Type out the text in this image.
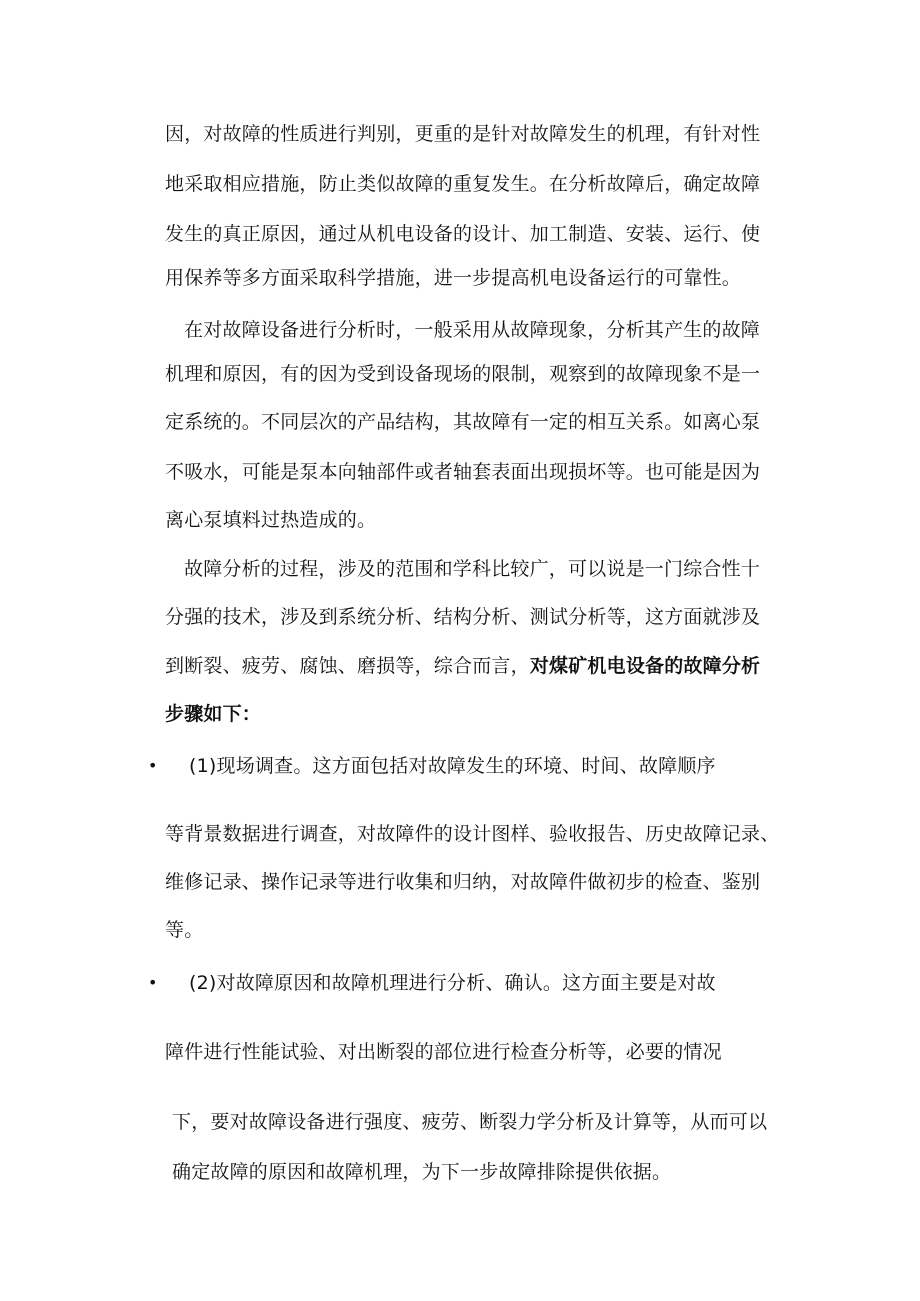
因，对故障的性质进行判别，更重的是针对故障发生的机理，有针对性
地采取相应措施，防止类似故障的重复发生。在分析故障后，确定故障
发生的真正原因，通过从机电设备的设计、加工制造、安装、运行、使
用保养等多方面采取科学措施，进一步提高机电设备运行的可靠性。
在对故障设备进行分析时，一般采用从故障现象，分析其产生的故障
机理和原因，有的因为受到设备现场的限制，观察到的故障现象不是一
定系统的。不同层次的产品结构，其故障有一定的相互关系。如离心泵
不吸水，可能是泵本向轴部件或者轴套表面出现损坏等。也可能是因为
离心泵填料过热造成的。
故障分析的过程，涉及的范围和学科比较广，可以说是一门综合性十
分强的技术，涉及到系统分析、结构分析、测试分析等，这方面就涉及
到断裂、疲劳、腐蚀、磨损等，综合而言，对煤矿机电设备的故障分析
步骤如下：
• (1)现场调查。这方面包括对故障发生的环境、时间、故障顺序
等背景数据进行调查，对故障件的设计图样、验收报告、历史故障记录、
维修记录、操作记录等进行收集和归纳，对故障件做初步的检查、鉴别
等。
• (2)对故障原因和故障机理进行分析、确认。这方面主要是对故
障件进行性能试验、对出断裂的部位进行检查分析等，必要的情况
下，要对故障设备进行强度、疲劳、断裂力学分析及计算等，从而可以
确定故障的原因和故障机理，为下一步故障排除提供依据。
